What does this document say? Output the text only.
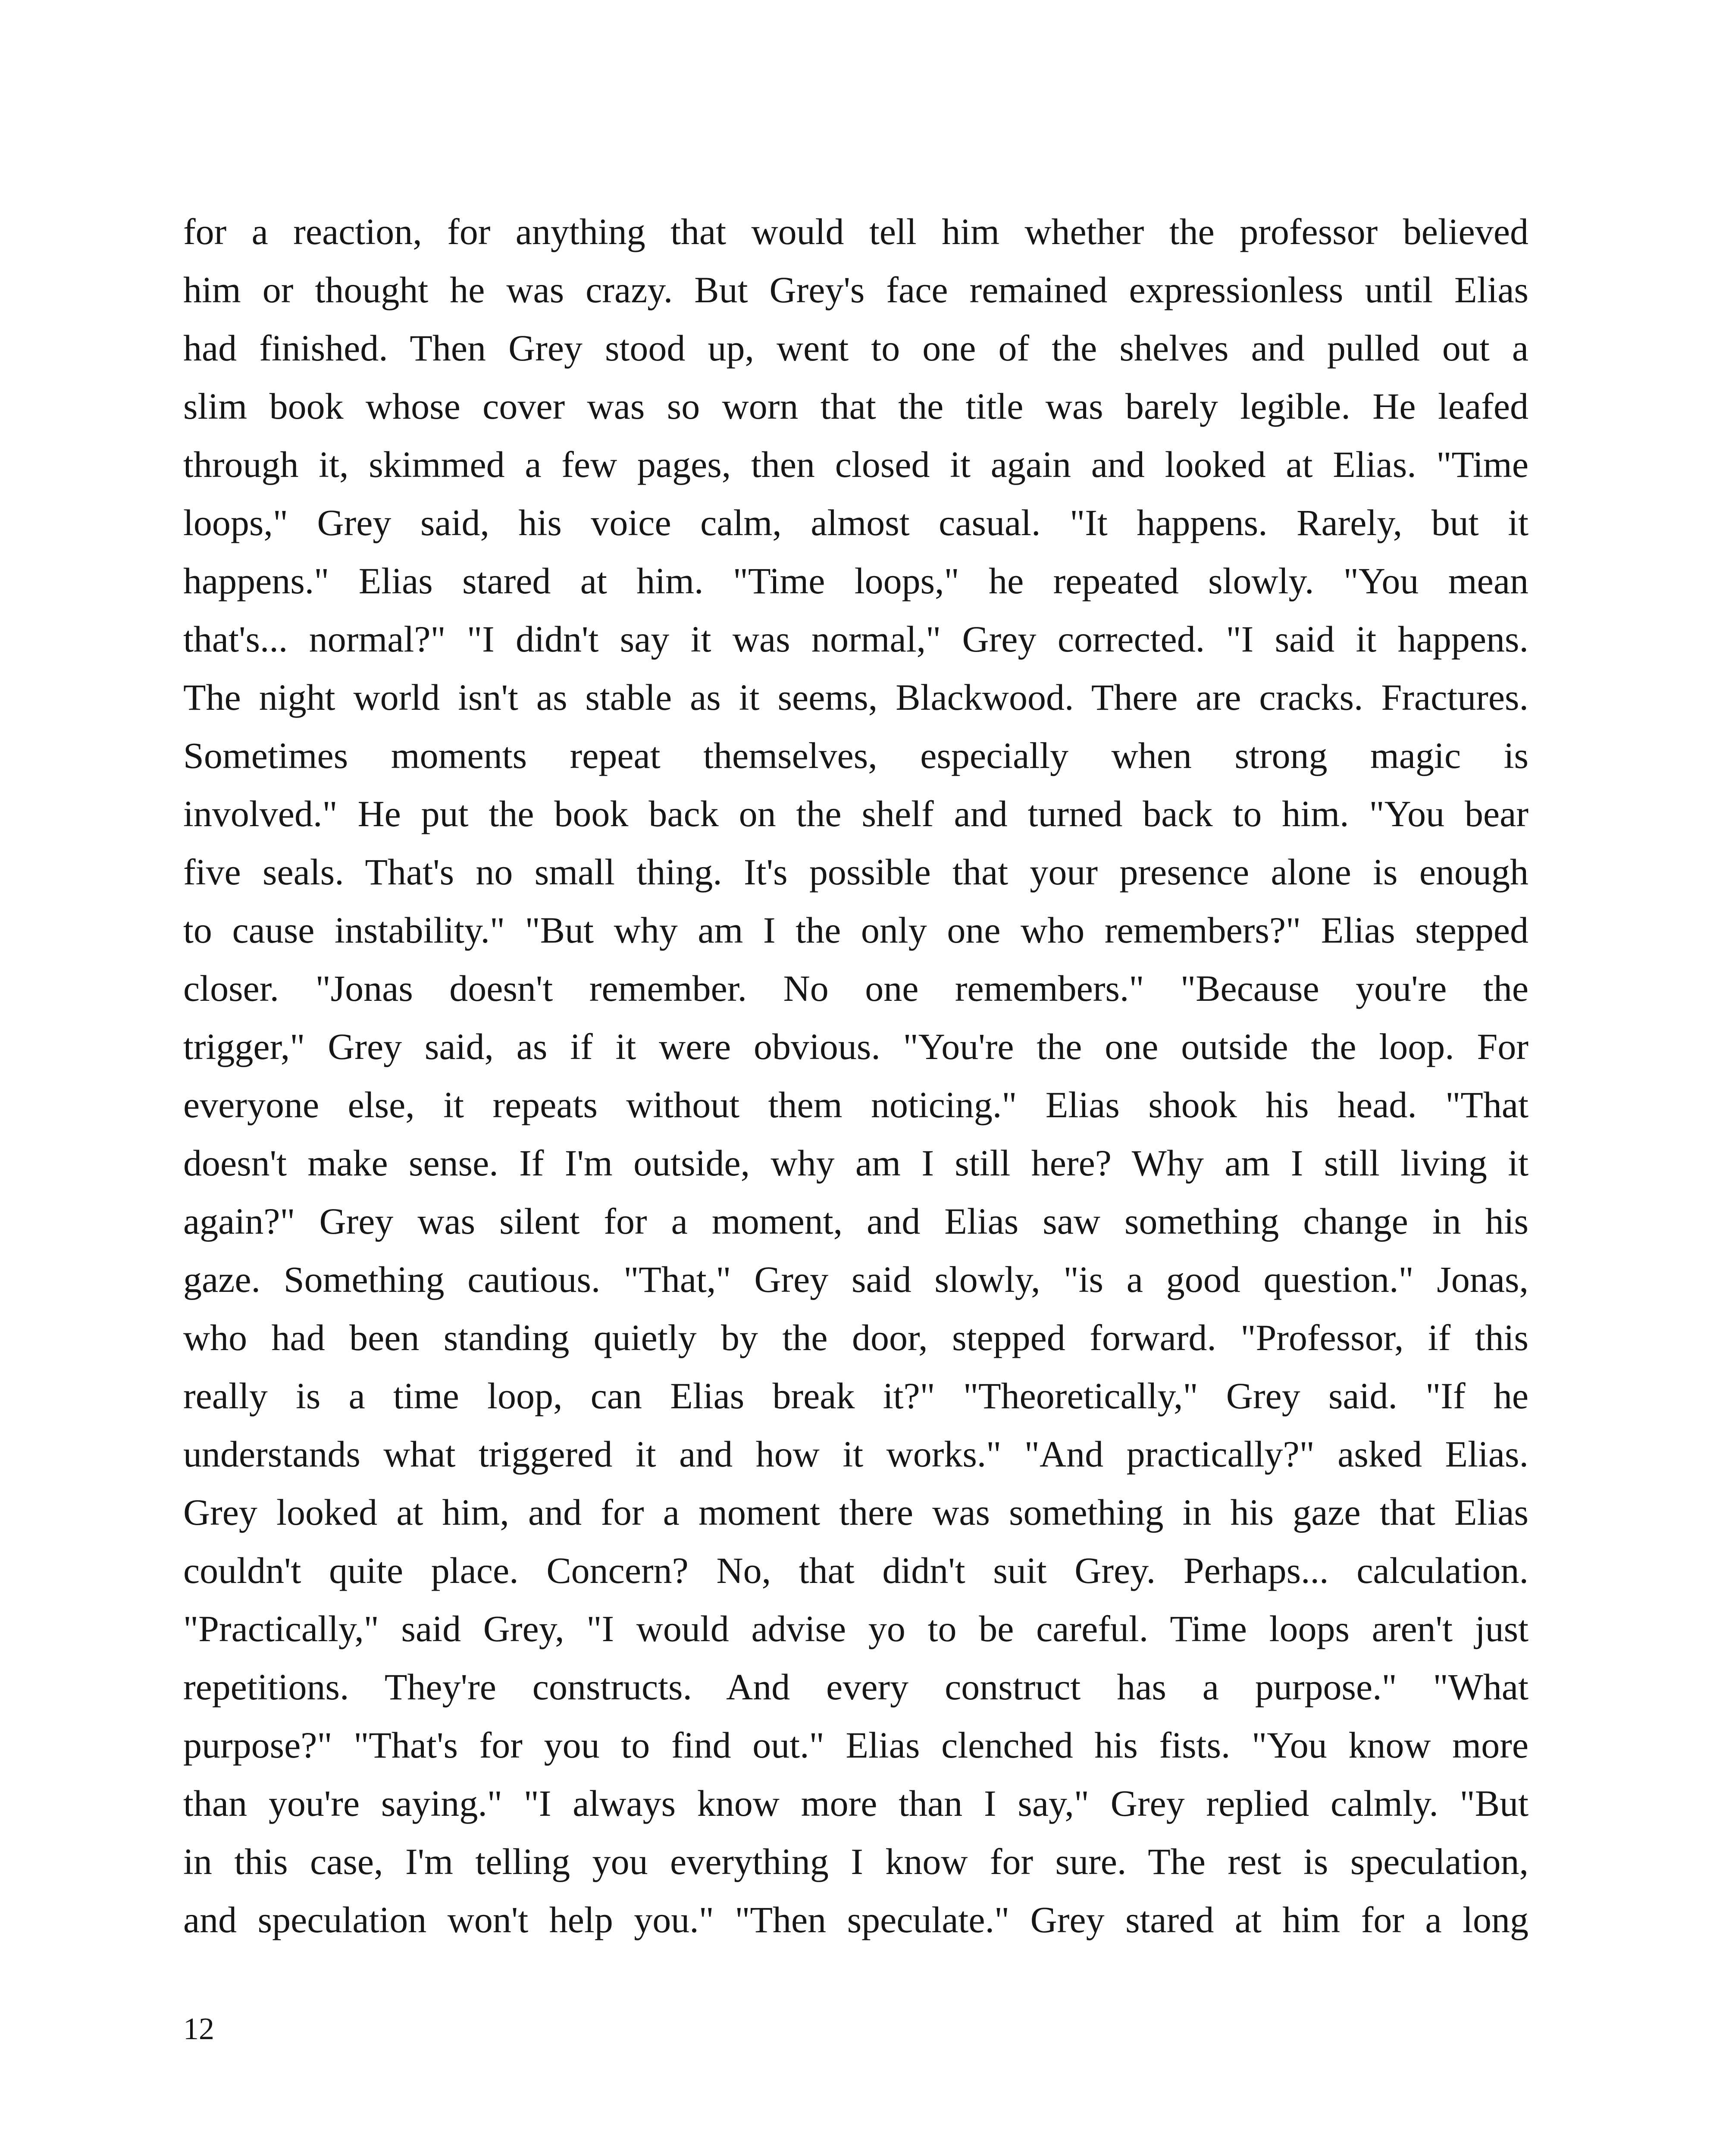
for a reaction, for anything that would tell him whether the professor believed
him or thought he was crazy. But Grey's face remained expressionless until Elias
had finished. Then Grey stood up, went to one of the shelves and pulled out a
slim book whose cover was so worn that the title was barely legible. He leafed
through it, skimmed a few pages, then closed it again and looked at Elias. "Time
loops," Grey said, his voice calm, almost casual. "It happens. Rarely, but it
happens." Elias stared at him. "Time loops," he repeated slowly. "You mean
that's... normal?" "I didn't say it was normal," Grey corrected. "I said it happens.
The night world isn't as stable as it seems, Blackwood. There are cracks. Fractures.
Sometimes moments repeat themselves, especially when strong magic is
involved." He put the book back on the shelf and turned back to him. "You bear
five seals. That's no small thing. It's possible that your presence alone is enough
to cause instability." "But why am I the only one who remembers?" Elias stepped
closer. "Jonas doesn't remember. No one remembers." "Because you're the
trigger," Grey said, as if it were obvious. "You're the one outside the loop. For
everyone else, it repeats without them noticing." Elias shook his head. "That
doesn't make sense. If I'm outside, why am I still here? Why am I still living it
again?" Grey was silent for a moment, and Elias saw something change in his
gaze. Something cautious. "That," Grey said slowly, "is a good question." Jonas,
who had been standing quietly by the door, stepped forward. "Professor, if this
really is a time loop, can Elias break it?" "Theoretically," Grey said. "If he
understands what triggered it and how it works." "And practically?" asked Elias.
Grey looked at him, and for a moment there was something in his gaze that Elias
couldn't quite place. Concern? No, that didn't suit Grey. Perhaps... calculation.
"Practically," said Grey, "I would advise yo to be careful. Time loops aren't just
repetitions. They're constructs. And every construct has a purpose." "What
purpose?" "That's for you to find out." Elias clenched his fists. "You know more
than you're saying." "I always know more than I say," Grey replied calmly. "But
in this case, I'm telling you everything I know for sure. The rest is speculation,
and speculation won't help you." "Then speculate." Grey stared at him for a long
12
